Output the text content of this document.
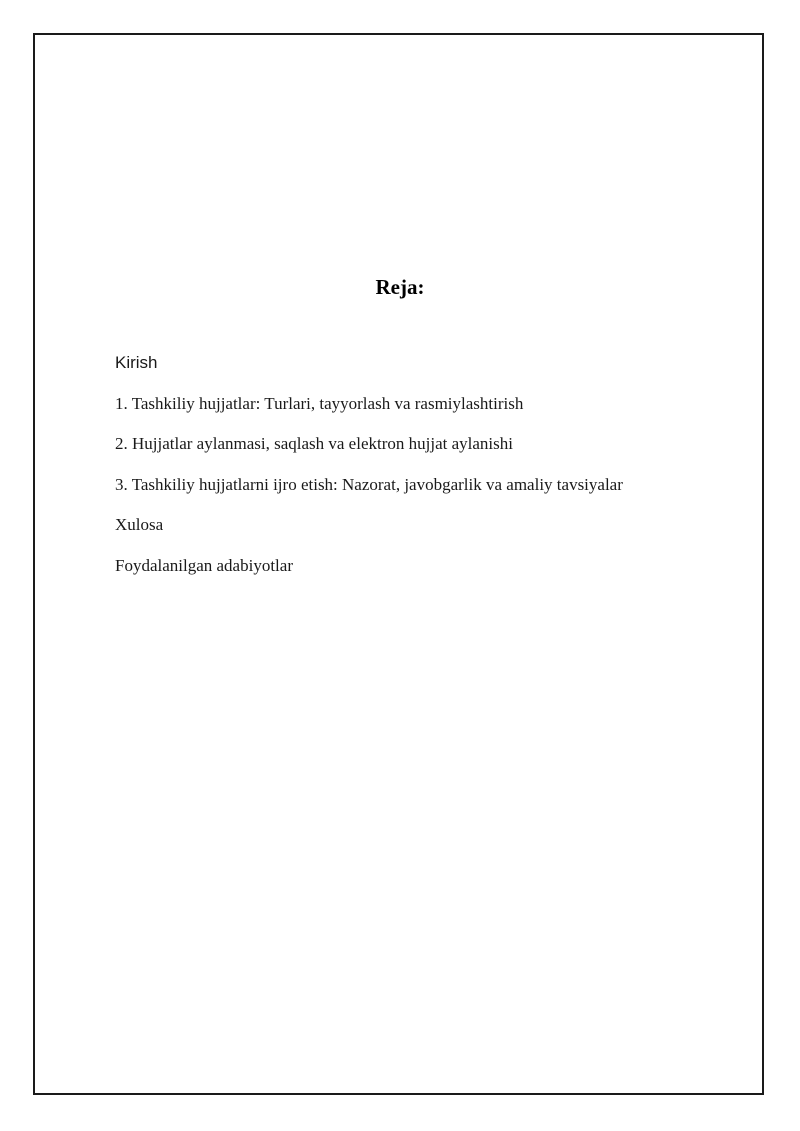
Reja:
Kirish
1. Tashkiliy hujjatlar: Turlari, tayyorlash va rasmiylashtirish
2. Hujjatlar aylanmasi, saqlash va elektron hujjat aylanishi
3. Tashkiliy hujjatlarni ijro etish: Nazorat, javobgarlik va amaliy tavsiyalar
Xulosa
Foydalanilgan adabiyotlar
